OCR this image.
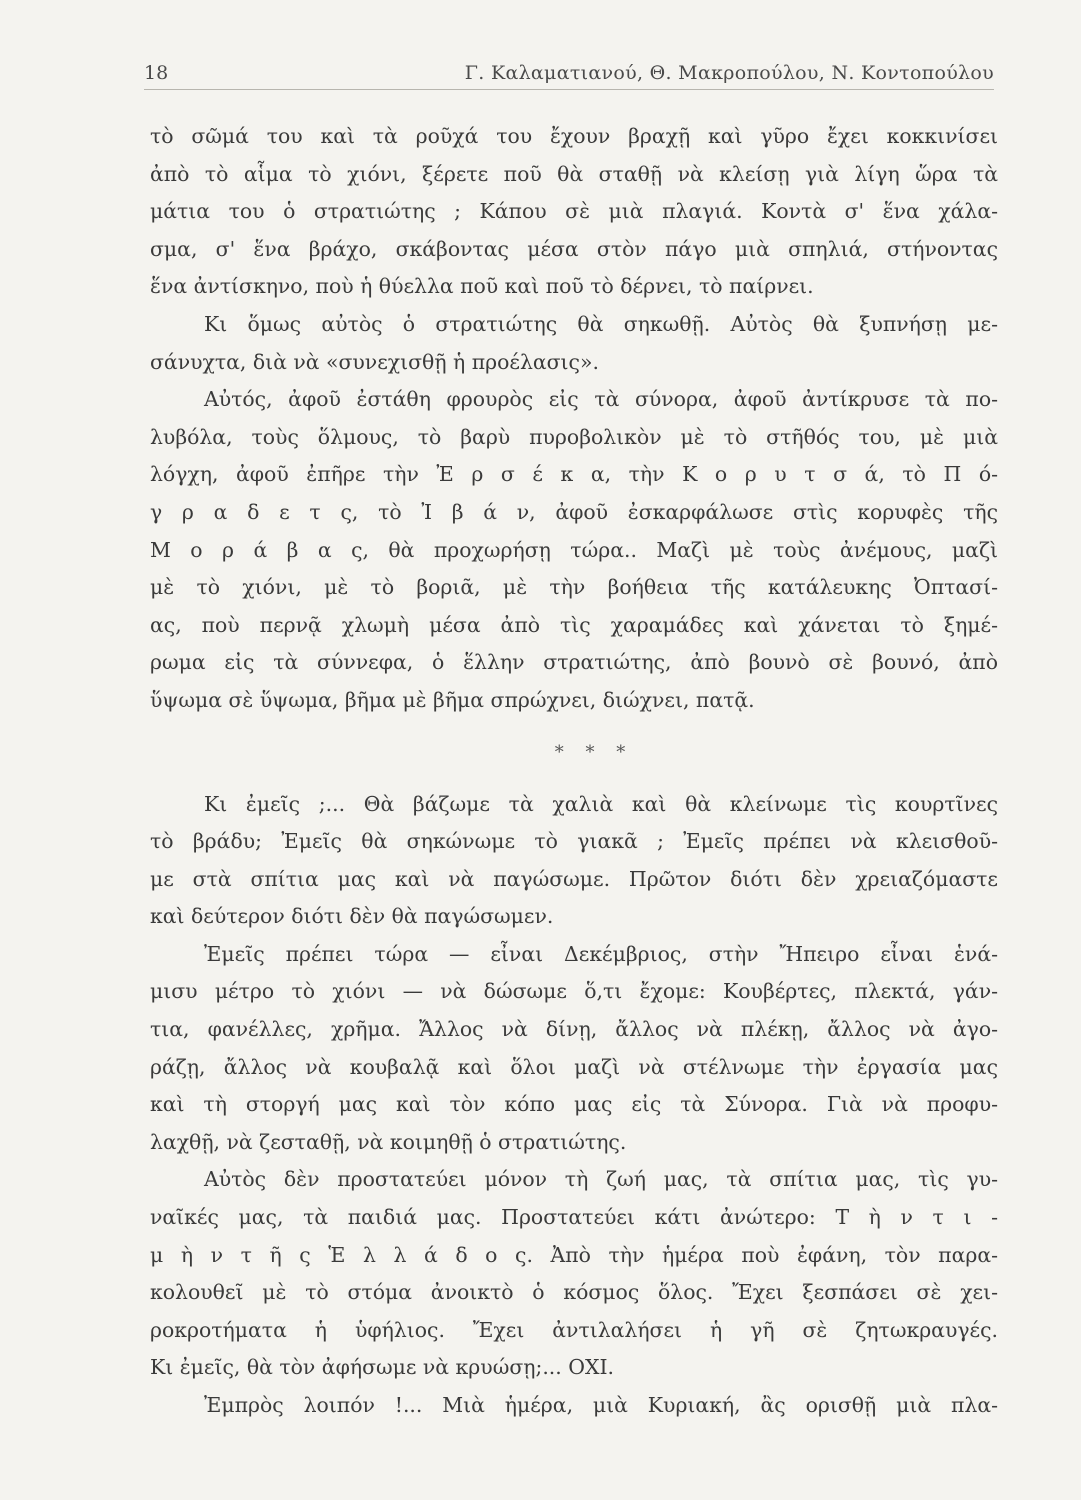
18	Γ. Καλαματιανού, Θ. Μακροπούλου, Ν. Κοντοπούλου
τὸ σῶμά του καὶ τὰ ροῦχά του ἔχουν βραχῇ καὶ γῦρο ἔχει κοκκινίσει
ἀπὸ τὸ αἷμα τὸ χιόνι, ξέρετε ποῦ θὰ σταθῇ νὰ κλείσῃ γιὰ λίγη ὥρα τὰ
μάτια του ὁ στρατιώτης ; Κάπου σὲ μιὰ πλαγιά. Κοντὰ σ' ἕνα χάλα-
σμα, σ' ἕνα βράχο, σκάβοντας μέσα στὸν πάγο μιὰ σπηλιά, στήνοντας
ἕνα ἀντίσκηνο, ποὺ ἡ θύελλα ποῦ καὶ ποῦ τὸ δέρνει, τὸ παίρνει.
Κι ὅμως αὐτὸς ὁ στρατιώτης θὰ σηκωθῇ. Αὐτὸς θὰ ξυπνήσῃ με-
σάνυχτα, διὰ νὰ «συνεχισθῇ ἡ προέλασις».
Αὐτός, ἀφοῦ ἐστάθη φρουρὸς εἰς τὰ σύνορα, ἀφοῦ ἀντίκρυσε τὰ πο-
λυβόλα, τοὺς ὅλμους, τὸ βαρὺ πυροβολικὸν μὲ τὸ στῆθός του, μὲ μιὰ
λόγχη, ἀφοῦ ἐπῆρε τὴν Ἐ ρ σ έ κ α, τὴν Κ ο ρ υ τ σ ά, τὸ Π ό-
γ ρ α δ ε τ ς, τὸ Ἰ β ά ν, ἀφοῦ ἐσκαρφάλωσε στὶς κορυφὲς τῆς
Μ ο ρ ά β α ς, θὰ προχωρήσῃ τώρα.. Μαζὶ μὲ τοὺς ἀνέμους, μαζὶ
μὲ τὸ χιόνι, μὲ τὸ βοριᾶ, μὲ τὴν βοήθεια τῆς κατάλευκης Ὀπτασί-
ας, ποὺ περνᾷ χλωμὴ μέσα ἀπὸ τὶς χαραμάδες καὶ χάνεται τὸ ξημέ-
ρωμα εἰς τὰ σύννεφα, ὁ ἕλλην στρατιώτης, ἀπὸ βουνὸ σὲ βουνό, ἀπὸ
ὕψωμα σὲ ὕψωμα, βῆμα μὲ βῆμα σπρώχνει, διώχνει, πατᾷ.
* * *
Κι ἐμεῖς ;... Θὰ βάζωμε τὰ χαλιὰ καὶ θὰ κλείνωμε τὶς κουρτῖνες
τὸ βράδυ; Ἐμεῖς θὰ σηκώνωμε τὸ γιακᾶ ; Ἐμεῖς πρέπει νὰ κλεισθοῦ-
με στὰ σπίτια μας καὶ νὰ παγώσωμε. Πρῶτον διότι δὲν χρειαζόμαστε
καὶ δεύτερον διότι δὲν θὰ παγώσωμεν.
Ἐμεῖς πρέπει τώρα — εἶναι Δεκέμβριος, στὴν Ἤπειρο εἶναι ἑνά-
μισυ μέτρο τὸ χιόνι — νὰ δώσωμε ὅ,τι ἔχομε: Κουβέρτες, πλεκτά, γάν-
τια, φανέλλες, χρῆμα. Ἄλλος νὰ δίνῃ, ἄλλος νὰ πλέκῃ, ἄλλος νὰ ἀγο-
ράζῃ, ἄλλος νὰ κουβαλᾷ καὶ ὅλοι μαζὶ νὰ στέλνωμε τὴν ἐργασία μας
καὶ τὴ στοργή μας καὶ τὸν κόπο μας εἰς τὰ Σύνορα. Γιὰ νὰ προφυ-
λαχθῇ, νὰ ζεσταθῇ, νὰ κοιμηθῇ ὁ στρατιώτης.
Αὐτὸς δὲν προστατεύει μόνον τὴ ζωή μας, τὰ σπίτια μας, τὶς γυ-
ναῖκές μας, τὰ παιδιά μας. Προστατεύει κάτι ἀνώτερο: Τ ὴ ν τ ι -
μ ὴ ν τ ῆ ς Ἑ λ λ ά δ ο ς. Ἀπὸ τὴν ἡμέρα ποὺ ἐφάνη, τὸν παρα-
κολουθεῖ μὲ τὸ στόμα ἀνοικτὸ ὁ κόσμος ὅλος. Ἔχει ξεσπάσει σὲ χει-
ροκροτήματα ἡ ὑφήλιος. Ἔχει ἀντιλαλήσει ἡ γῆ σὲ ζητωκραυγές.
Κι ἐμεῖς, θὰ τὸν ἀφήσωμε νὰ κρυώσῃ;... ΟΧΙ.
Ἐμπρὸς λοιπόν !... Μιὰ ἡμέρα, μιὰ Κυριακή, ἂς ορισθῇ μιὰ πλα-
